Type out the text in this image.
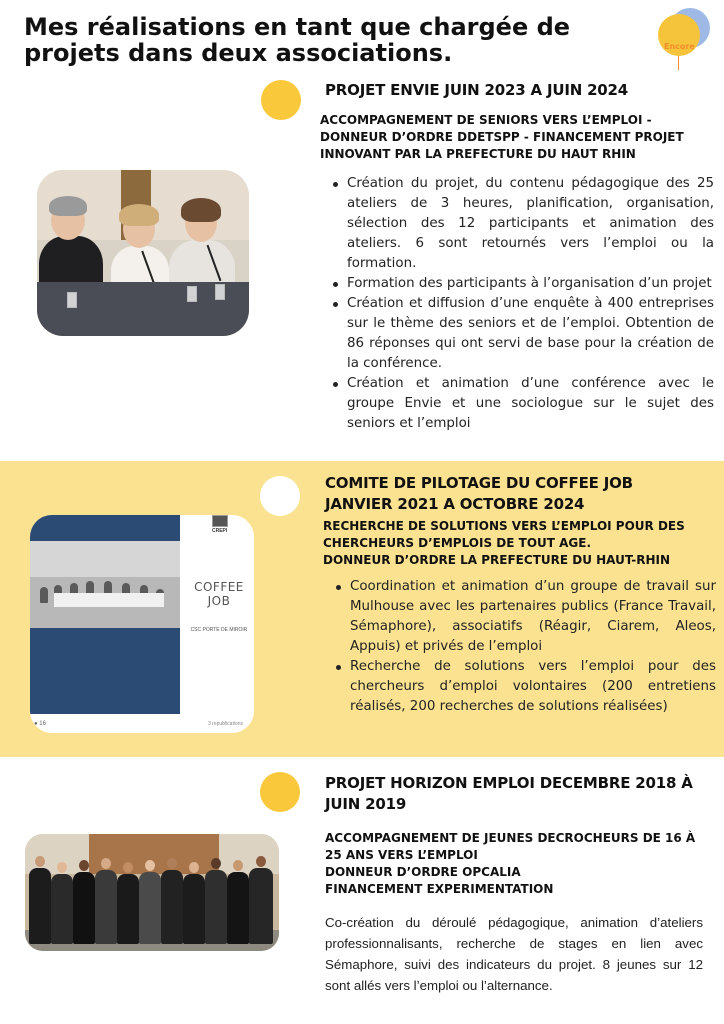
Mes réalisations en tant que chargée de
projets dans deux associations.	Encore
PROJET ENVIE JUIN 2023 A JUIN 2024
ACCOMPAGNEMENT DE SENIORS VERS L’EMPLOI -
DONNEUR D’ORDRE DDETSPP - FINANCEMENT PROJET
INNOVANT PAR LA PREFECTURE DU HAUT RHIN
Création du projet, du contenu pédagogique des 25 ateliers de 3 heures, planification, organisation, sélection des 12 participants et animation des ateliers. 6 sont retournés vers l’emploi ou la formation.
Formation des participants à l’organisation d’un projet
Création et diffusion d’une enquête à 400 entreprises sur le thème des seniors et de l’emploi. Obtention de 86 réponses qui ont servi de base pour la création de la conférence.
Création et animation d’une conférence avec le groupe Envie et une sociologue sur le sujet des seniors et l’emploi
COMITE DE PILOTAGE DU COFFEE JOB
JANVIER 2021 A OCTOBRE 2024
RECHERCHE DE SOLUTIONS VERS L’EMPLOI POUR DES
CHERCHEURS D’EMPLOIS DE TOUT AGE.
DONNEUR D’ORDRE LA PREFECTURE DU HAUT-RHIN
CREPI
COFFEE
JOB
CSC PORTE DE MIROIR
● 16	3 republications
Coordination et animation d’un groupe de travail sur Mulhouse avec les partenaires publics (France Travail, Sémaphore), associatifs (Réagir, Ciarem, Aleos, Appuis) et privés de l’emploi
Recherche de solutions vers l’emploi pour des chercheurs d’emploi volontaires (200 entretiens réalisés, 200 recherches de solutions réalisées)
PROJET HORIZON EMPLOI DECEMBRE 2018 À
JUIN 2019
ACCOMPAGNEMENT DE JEUNES DECROCHEURS DE 16 À
25 ANS VERS L’EMPLOI
DONNEUR D’ORDRE OPCALIA
FINANCEMENT EXPERIMENTATION

Co-création du déroulé pédagogique, animation d’ateliers professionnalisants, recherche de stages en lien avec Sémaphore, suivi des indicateurs du projet. 8 jeunes sur 12 sont allés vers l’emploi ou l’alternance.
